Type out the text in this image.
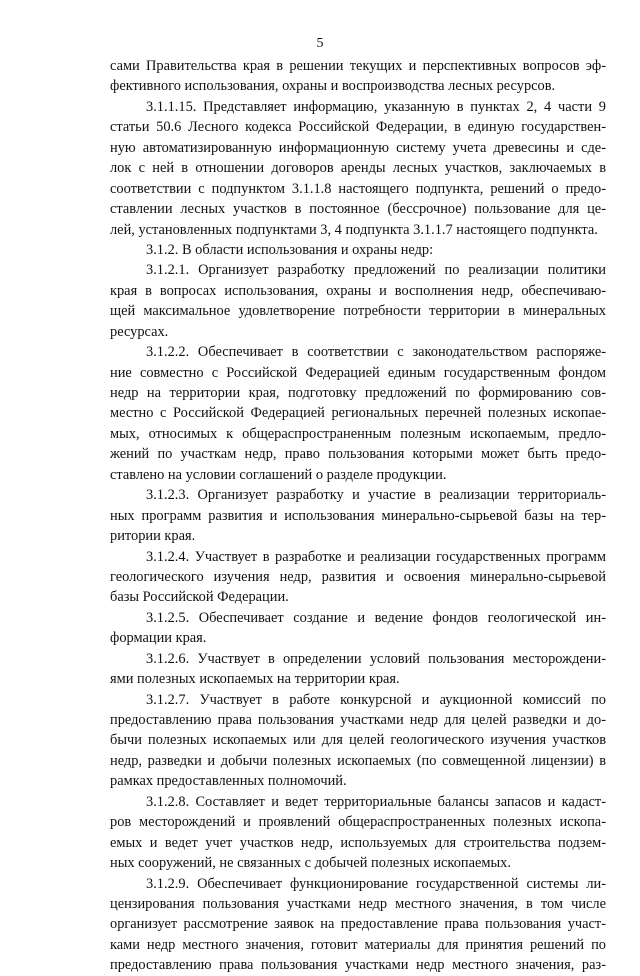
5
сами Правительства края в решении текущих и перспективных вопросов эф-
фективного использования, охраны и воспроизводства лесных ресурсов.
3.1.1.15. Представляет информацию, указанную в пунктах 2, 4 части 9
статьи 50.6 Лесного кодекса Российской Федерации, в единую государствен-
ную автоматизированную информационную систему учета древесины и сде-
лок с ней в отношении договоров аренды лесных участков, заключаемых в
соответствии с подпунктом 3.1.1.8 настоящего подпункта, решений о предо-
ставлении лесных участков в постоянное (бессрочное) пользование для це-
лей, установленных подпунктами 3, 4 подпункта 3.1.1.7 настоящего подпункта.
3.1.2. В области использования и охраны недр:
3.1.2.1. Организует разработку предложений по реализации политики
края в вопросах использования, охраны и восполнения недр, обеспечиваю-
щей максимальное удовлетворение потребности территории в минеральных
ресурсах.
3.1.2.2. Обеспечивает в соответствии с законодательством распоряже-
ние совместно с Российской Федерацией единым государственным фондом
недр на территории края, подготовку предложений по формированию сов-
местно с Российской Федерацией региональных перечней полезных ископае-
мых, относимых к общераспространенным полезным ископаемым, предло-
жений по участкам недр, право пользования которыми может быть предо-
ставлено на условии соглашений о разделе продукции.
3.1.2.3. Организует разработку и участие в реализации территориаль-
ных программ развития и использования минерально-сырьевой базы на тер-
ритории края.
3.1.2.4. Участвует в разработке и реализации государственных программ
геологического изучения недр, развития и освоения минерально-сырьевой
базы Российской Федерации.
3.1.2.5. Обеспечивает создание и ведение фондов геологической ин-
формации края.
3.1.2.6. Участвует в определении условий пользования месторождени-
ями полезных ископаемых на территории края.
3.1.2.7. Участвует в работе конкурсной и аукционной комиссий по
предоставлению права пользования участками недр для целей разведки и до-
бычи полезных ископаемых или для целей геологического изучения участков
недр, разведки и добычи полезных ископаемых (по совмещенной лицензии) в
рамках предоставленных полномочий.
3.1.2.8. Составляет и ведет территориальные балансы запасов и кадаст-
ров месторождений и проявлений общераспространенных полезных ископа-
емых и ведет учет участков недр, используемых для строительства подзем-
ных сооружений, не связанных с добычей полезных ископаемых.
3.1.2.9. Обеспечивает функционирование государственной системы ли-
цензирования пользования участками недр местного значения, в том числе
организует рассмотрение заявок на предоставление права пользования участ-
ками недр местного значения, готовит материалы для принятия решений по
предоставлению права пользования участками недр местного значения, раз-
